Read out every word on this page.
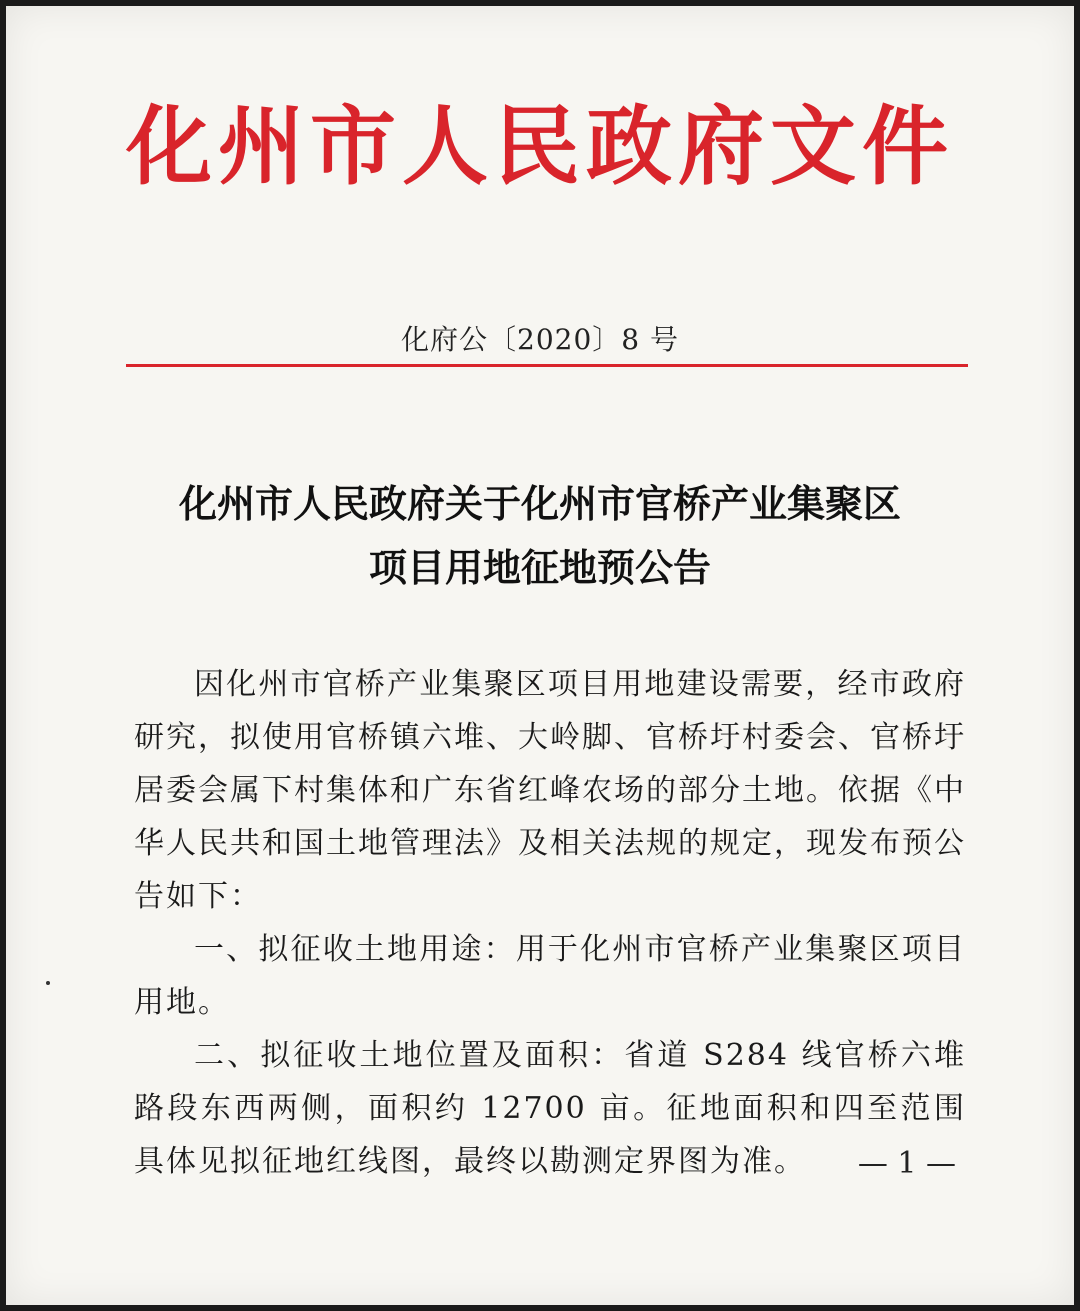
化州市人民政府文件
化府公〔2020〕8 号
化州市人民政府关于化州市官桥产业集聚区
项目用地征地预公告

因化州市官桥产业集聚区项目用地建设需要，经市政府研究，拟使用官桥镇六堆、大岭脚、官桥圩村委会、官桥圩居委会属下村集体和广东省红峰农场的部分土地。依据《中华人民共和国土地管理法》及相关法规的规定，现发布预公告如下：

一、拟征收土地用途：用于化州市官桥产业集聚区项目用地。

二、拟征收土地位置及面积：省道 S284 线官桥六堆路段东西两侧，面积约 12700 亩。征地面积和四至范围具体见拟征地红线图，最终以勘测定界图为准。	— 1 —
